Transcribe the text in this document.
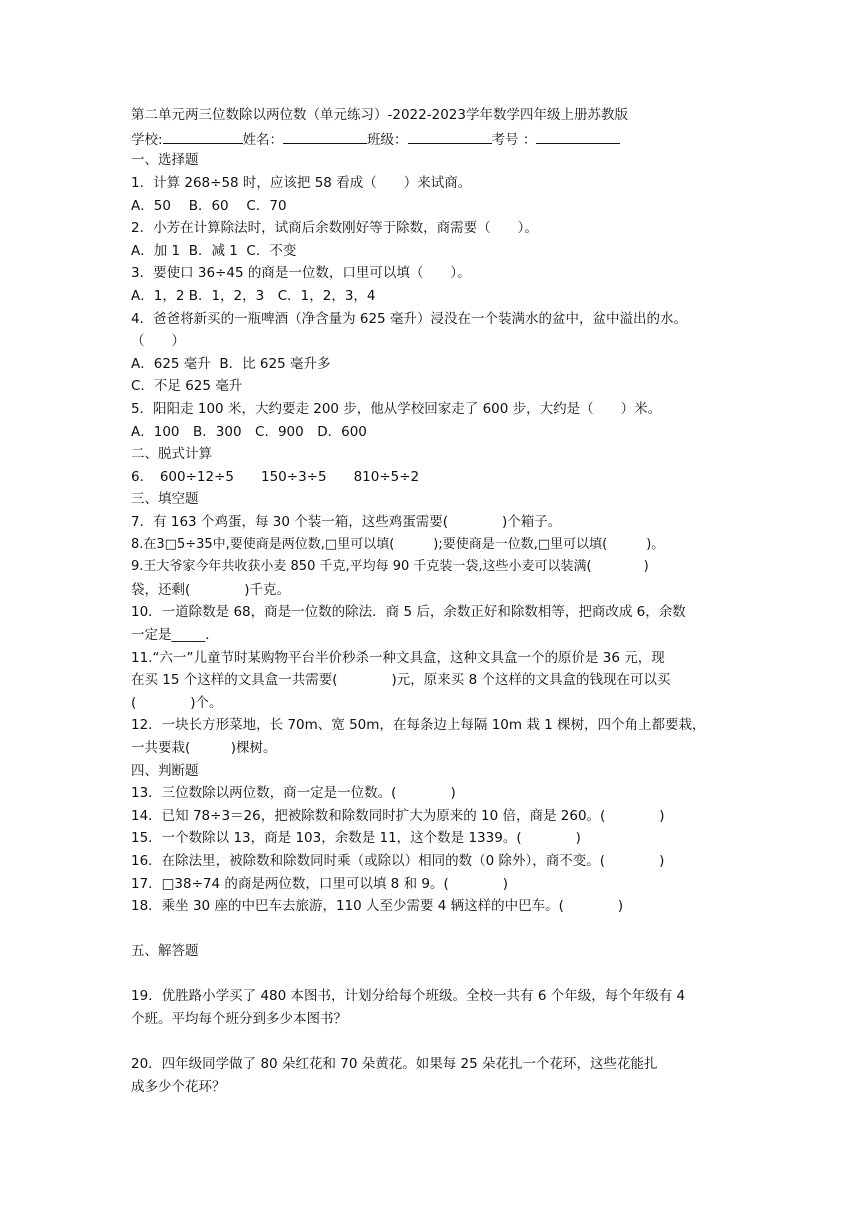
第二单元两三位数除以两位数（单元练习）-2022-2023学年数学四年级上册苏教版
学校:	姓名：	班级：	考号 ：
一、选择题
1．计算 268÷58 时，应该把 58 看成（　　）来试商。
A．50　 B．60　 C．70
2．小芳在计算除法时，试商后余数刚好等于除数，商需要（　　）。
A．加 1  B．减 1  C．不变
3．要使口 36÷45 的商是一位数，口里可以填（　　）。
A．1，2 B．1，2，3　C．1，2，3，4
4．爸爸将新买的一瓶啤酒（净含量为 625 毫升）浸没在一个装满水的盆中，盆中溢出的水。
（　　）
A．625 毫升  B．比 625 毫升多
C．不足 625 毫升
5．阳阳走 100 米，大约要走 200 步，他从学校回家走了 600 步，大约是（　　）米。
A．100　B．300　C．900　D．600
二、脱式计算
6．　600÷12÷5　　150÷3÷5　　810÷5÷2
三、填空题
7．有 163 个鸡蛋，每 30 个装一箱，这些鸡蛋需要(　　　　)个箱子。
8.在3□5÷35中,要使商是两位数,□里可以填(　　　);要使商是一位数,□里可以填(　　　)。
9.王大爷家今年共收获小麦 850 千克,平均每 90 千克装一袋,这些小麦可以装满(　　　　)
袋，还剩(　　　　)千克。
10．一道除数是 68，商是一位数的除法．商 5 后，余数正好和除数相等，把商改成 6，余数
一定是_____．
11.“六一”儿童节时某购物平台半价秒杀一种文具盒，这种文具盒一个的原价是 36 元，现
在买 15 个这样的文具盒一共需要(　　　　)元，原来买 8 个这样的文具盒的钱现在可以买
(　　　　)个。
12．一块长方形菜地，长 70m、宽 50m，在每条边上每隔 10m 栽 1 棵树，四个角上都要栽，
一共要栽(　　　)棵树。
四、判断题
13．三位数除以两位数，商一定是一位数。(　　　　)
14．已知 78÷3＝26，把被除数和除数同时扩大为原来的 10 倍，商是 260。(　　　　)
15．一个数除以 13，商是 103，余数是 11，这个数是 1339。(　　　　)
16．在除法里，被除数和除数同时乘（或除以）相同的数（0 除外），商不变。(　　　　)
17．□38÷74 的商是两位数，口里可以填 8 和 9。(　　　　)
18．乘坐 30 座的中巴车去旅游，110 人至少需要 4 辆这样的中巴车。(　　　　)
五、解答题
19．优胜路小学买了 480 本图书，计划分给每个班级。全校一共有 6 个年级，每个年级有 4
个班。平均每个班分到多少本图书？
20．四年级同学做了 80 朵红花和 70 朵黄花。如果每 25 朵花扎一个花环，这些花能扎
成多少个花环？
